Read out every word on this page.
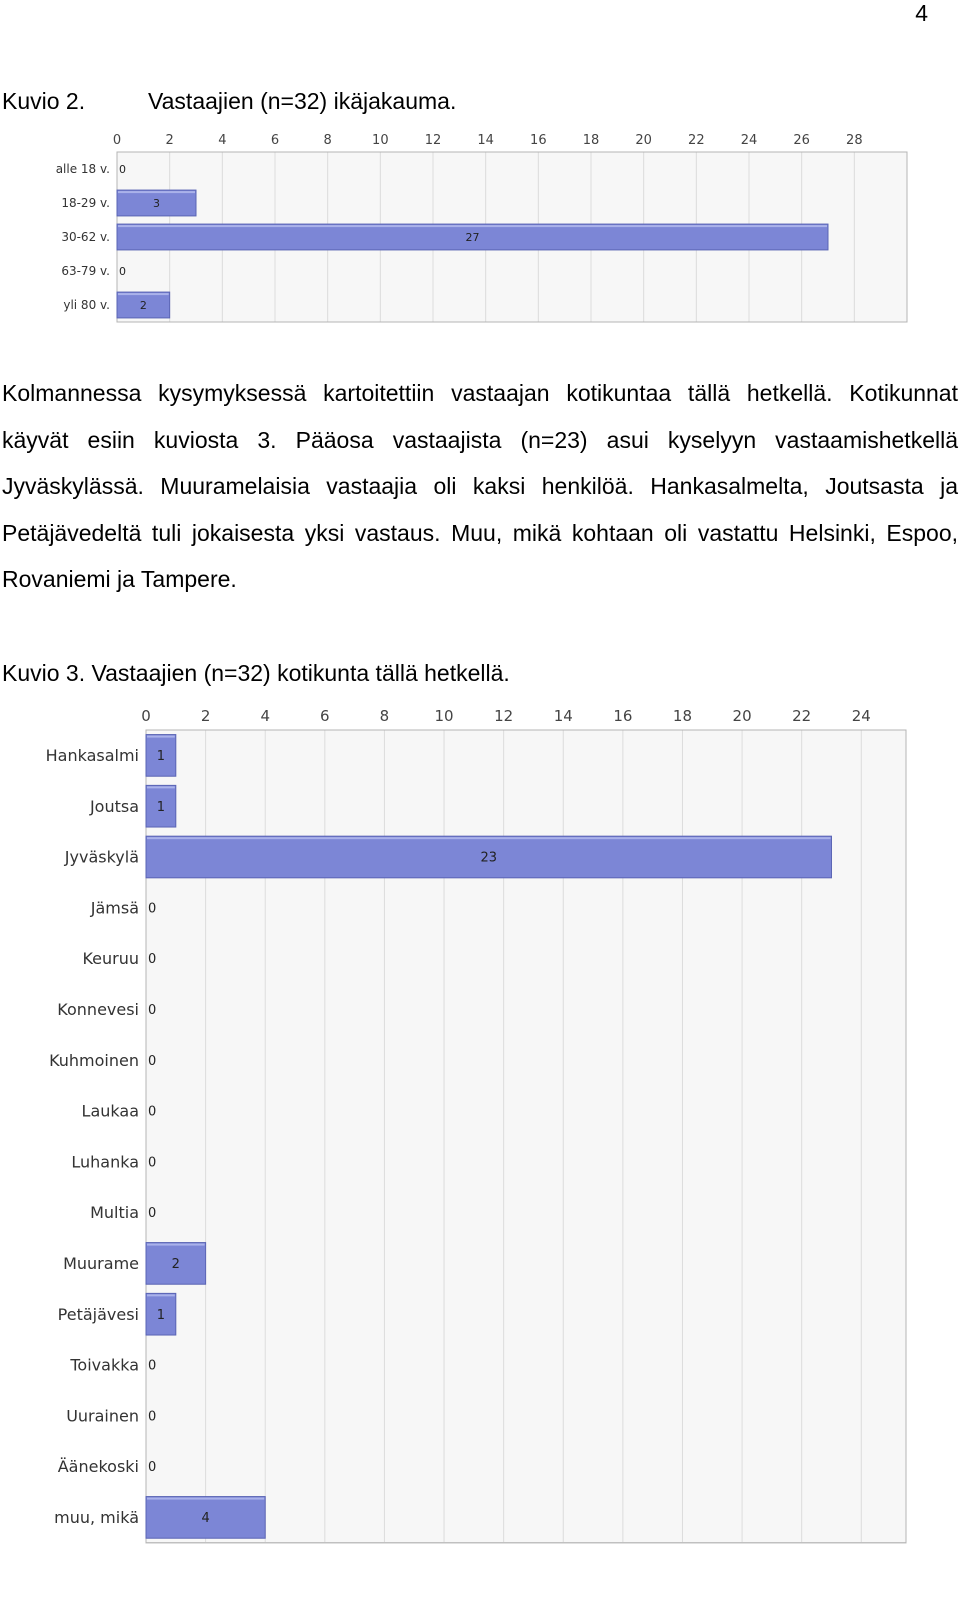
4
Kuvio 2.	Vastaajien (n=32) ikäjakauma.
0	2	4	6	8	10	12	14	16	18	20	22	24	26	28
alle 18 v. 0
18-29 v.	3
30-62 v.	27
63-79 v. 0
yli 80 v.	2

Kolmannessa kysymyksessä kartoitettiin vastaajan kotikuntaa tällä hetkellä. Kotikunnat käyvät esiin kuviosta 3. Pääosa vastaajista (n=23) asui kyselyyn vastaamishetkellä Jyväskylässä. Muuramelaisia vastaajia oli kaksi henkilöä. Hankasalmelta, Joutsasta ja Petäjävedeltä tuli jokaisesta yksi vastaus. Muu, mikä kohtaan oli vastattu Helsinki, Espoo, Rovaniemi ja Tampere.

Kuvio 3. Vastaajien (n=32) kotikunta tällä hetkellä.
0	2	4	6	8	10	12	14	16	18	20	22	24
Hankasalmi 1
Joutsa 1
Jyväskylä	23
Jämsä 0
Keuruu 0
Konnevesi 0
Kuhmoinen 0
Laukaa 0
Luhanka 0
Multia 0
Muurame	2
Petäjävesi 1
Toivakka 0
Uurainen 0
Äänekoski 0
muu, mikä	4
